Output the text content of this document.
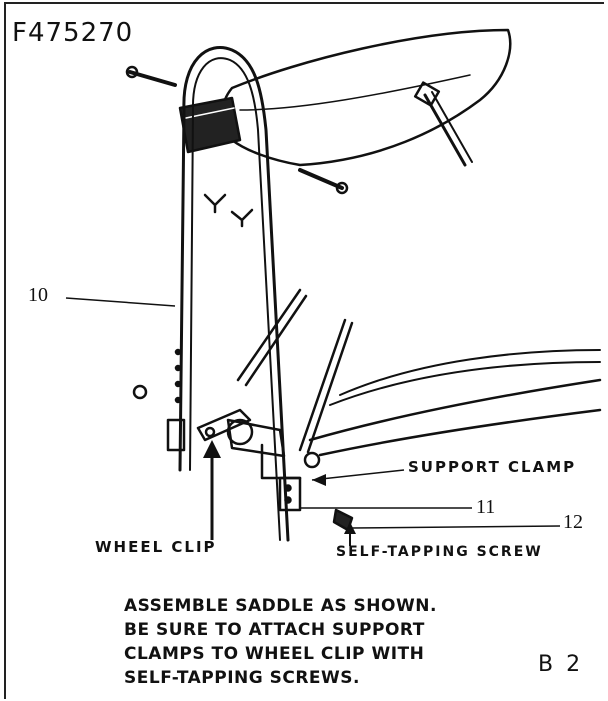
F475270
10
11
12
SUPPORT CLAMP
WHEEL CLIP	SELF-TAPPING SCREW
ASSEMBLE SADDLE AS SHOWN.
BE SURE TO ATTACH SUPPORT
CLAMPS TO WHEEL CLIP WITH
SELF-TAPPING SCREWS.
B 2
